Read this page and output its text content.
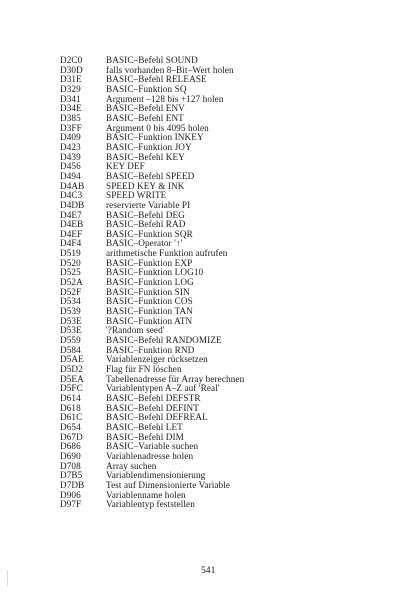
D2C0	BASIC–Befehl SOUND
D30D	falls vorhanden 8–Bit–Wert holen
D31E	BASIC–Befehl RELEASE
D329	BASIC–Funktion SQ
D341	Argument –128 bis +127 holen
D34E	BASIC–Befehl ENV
D385	BASIC–Befehl ENT
D3FF	Argument 0 bis 4095 holen
D409	BASIC–Funktion INKEY
D423	BASIC–Funktion JOY
D439	BASIC–Befehl KEY
D456	KEY DEF
D494	BASIC–Befehl SPEED
D4AB	SPEED KEY & INK
D4C3	SPEED WRITE
D4DB	reservierte Variable PI
D4E7	BASIC–Befehl DEG
D4EB	BASIC–Befehl RAD
D4EF	BASIC–Funktion SQR
D4F4	BASIC–Operator '↑'
D519	arithmetische Funktion aufrufen
D520	BASIC–Funktion EXP
D525	BASIC–Funktion LOG10
D52A	BASIC–Funktion LOG
D52F	BASIC–Funktion SIN
D534	BASIC–Funktion COS
D539	BASIC–Funktion TAN
D53E	BASIC–Funktion ATN
D53E	'?Random seed'
D559	BASIC–Befehl RANDOMIZE
D584	BASIC–Funktion RND
D5AE	Variablenzeiger rücksetzen
D5D2	Flag für FN löschen
D5EA	Tabellenadresse für Array berechnen
D5FC	Variablentypen A–Z auf 'Real'
D614	BASIC–Befehl DEFSTR
D618	BASIC–Befehl DEFINT
D61C	BASIC–Befehl DEFREAL
D654	BASIC–Befehl LET
D67D	BASIC–Befehl DIM
D686	BASIC–Variable suchen
D690	Variablenadresse holen
D708	Array suchen
D7B5	Variablendimensionierung
D7DB	Test auf Dimensionierte Variable
D906	Variablenname holen
D97F	Variablentyp feststellen
541
